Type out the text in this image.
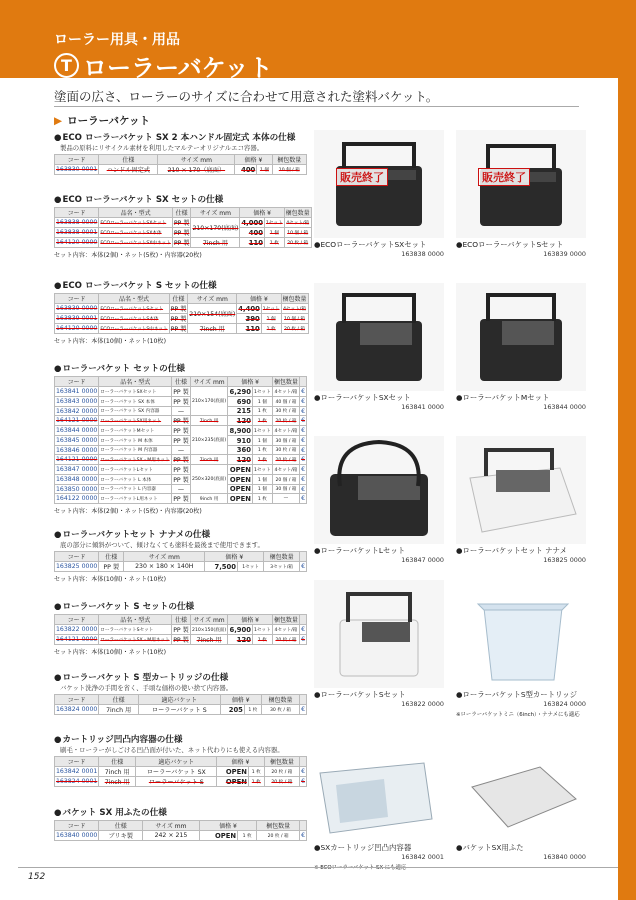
ローラー用具・用品
T ローラーバケット
塗面の広さ、ローラーのサイズに合わせて用意された塗料バケット。
▶ ローラーバケット
●ECO ローラーバケット SX 2 本ハンドル固定式 本体の仕様
製品の原料にリサイクル素材を利用したマルテーオリジナルエコ容器。
コード	仕様	サイズ mm	価格 ¥		梱包数量
163830 0001	ハンドル固定式	210 × 170（底面）	400	1 個	10 個 / 箱
●ECO ローラーバケット SX セットの仕様
コード	品名・型式	仕様	サイズ mm	価格 ¥		梱包数量
163838 0000	ECOローラーバケットSXセット	PP 製	210×170(底面)	4,000	1セット	4セット/箱
163838 0001	ECOローラーバケットSX本体	PP 製		400	1 個	10 個 / 箱
164120 0000	ECOローラーバケットSX中ネット	PP 製	7inch 用	110	1 枚	20 枚 / 箱
セット内容：本体(2個)・ネット(5枚)・内容器(20枚)
●ECO ローラーバケット S セットの仕様
コード	品名・型式	仕様	サイズ mm	価格 ¥		梱包数量
163839 0000	ECOローラーバケットSセット	PP 製	210×154(底面)	4,400	1セット	4セット/箱
163839 0001	ECOローラーバケットS本体	PP 製		390	1 個	10 個 / 箱
164120 0000	ECOローラーバケットS中ネット	PP 製	7inch 用	110	1 枚	20 枚 / 箱
セット内容：本体(10個)・ネット(10枚)
●ローラーバケット セットの仕様
コード	品名・型式	仕様	サイズ mm	価格 ¥		梱包数量	
163841 0000	ローラーバケットSXセット	PP 製	210×170(底面)	6,290	1セット	4セット/箱	€
163843 0000	ローラーバケット SX 本体	PP 製		690	1 個	40 個 / 箱	€
163842 0000	ローラーバケット SX 内容器	—		215	1 枚	30 枚 / 箱	€
164121 0000	ローラーバケットSX用ネット	PP 製	7inch 用	120	1 枚	20 枚 / 箱	€
163844 0000	ローラーバケットMセット	PP 製	210×235(底面)	8,900	1セット	4セット/箱	€
163845 0000	ローラーバケット M 本体	PP 製		910	1 個	30 個 / 箱	€
163846 0000	ローラーバケット M 内容器	—		360	1 枚	30 枚 / 箱	€
164121 0000	ローラーバケットSX・M用ネット	PP 製	7inch 用	120	1 枚	20 枚 / 箱	€
163847 0000	ローラーバケットLセット	PP 製	250×320(底面)	OPEN	1セット	4セット/箱	€
163848 0000	ローラーバケット L 本体	PP 製		OPEN	1 個	20 個 / 箱	€
163850 0000	ローラーバケット L 内容器	—		OPEN	1 個	30 個 / 箱	€
164122 0000	ローラーバケットL用ネット	PP 製	9inch 用	OPEN	1 枚	—	€
セット内容：本体(2個)・ネット(5枚)・内容器(20枚)
●ローラーバケットセット ナナメの仕様
底の部分に傾斜がついて、傾けなくても塗料を最後まで使用できます。
コード	仕様	サイズ mm	価格 ¥		梱包数量	
163825 0000	PP 製	230 × 180 × 140H	7,500	1セット	3セット/箱	€
セット内容：本体(10個)・ネット(10枚)
●ローラーバケット S セットの仕様
コード	品名・型式	仕様	サイズ mm	価格 ¥		梱包数量	
163822 0000	ローラーバケットSセット	PP 製	210×150(底面)	6,900	1セット	4セット/箱	€
164121 0000	ローラーバケットSX・M用ネット	PP 製	7inch 用	120	1 枚	20 枚 / 箱	€
セット内容：本体(10個)・ネット(10枚)
●ローラーバケット S 型カートリッジの仕様
バケット洗浄の手間を省く、手頃な価格の使い捨て内容器。
コード	仕様	適応バケット	価格 ¥		梱包数量	
163824 0000	7inch 用	ローラーバケット S	205	1 枚	30 枚 / 箱	€
●カートリッジ凹凸内容器の仕様
刷毛・ローラーがしごける凹凸面が付いた、ネット代わりにも使える内容器。
コード	仕様	適応バケット	価格 ¥		梱包数量	
163842 0001	7inch 用	ローラーバケット SX	OPEN	1 枚	20 枚 / 箱	€
163824 0001	7inch 用	ローラーバケット S	OPEN	1 枚	20 枚 / 箱	€
●バケット SX 用ふたの仕様
コード	仕様	サイズ mm	価格 ¥		梱包数量	
163840 0000	ブリキ製	242 × 215	OPEN	1 枚	20 枚 / 箱	€
販売終了
●ECOローラーバケットSXセット
163838 0000
販売終了
●ECOローラーバケットSセット
163839 0000
●ローラーバケットSXセット
163841 0000
●ローラーバケットMセット
163844 0000
●ローラーバケットLセット
163847 0000
●ローラーバケットセット ナナメ
163825 0000
●ローラーバケットSセット
163822 0000
●ローラーバケットS型カートリッジ
163824 0000
※ローラーバケットミニ（6inch）・ナナメにも適応
●SXカートリッジ凹凸内容器
163842 0001
※ ECOローラーバケット SX にも適応
●バケットSX用ふた
163840 0000
152
